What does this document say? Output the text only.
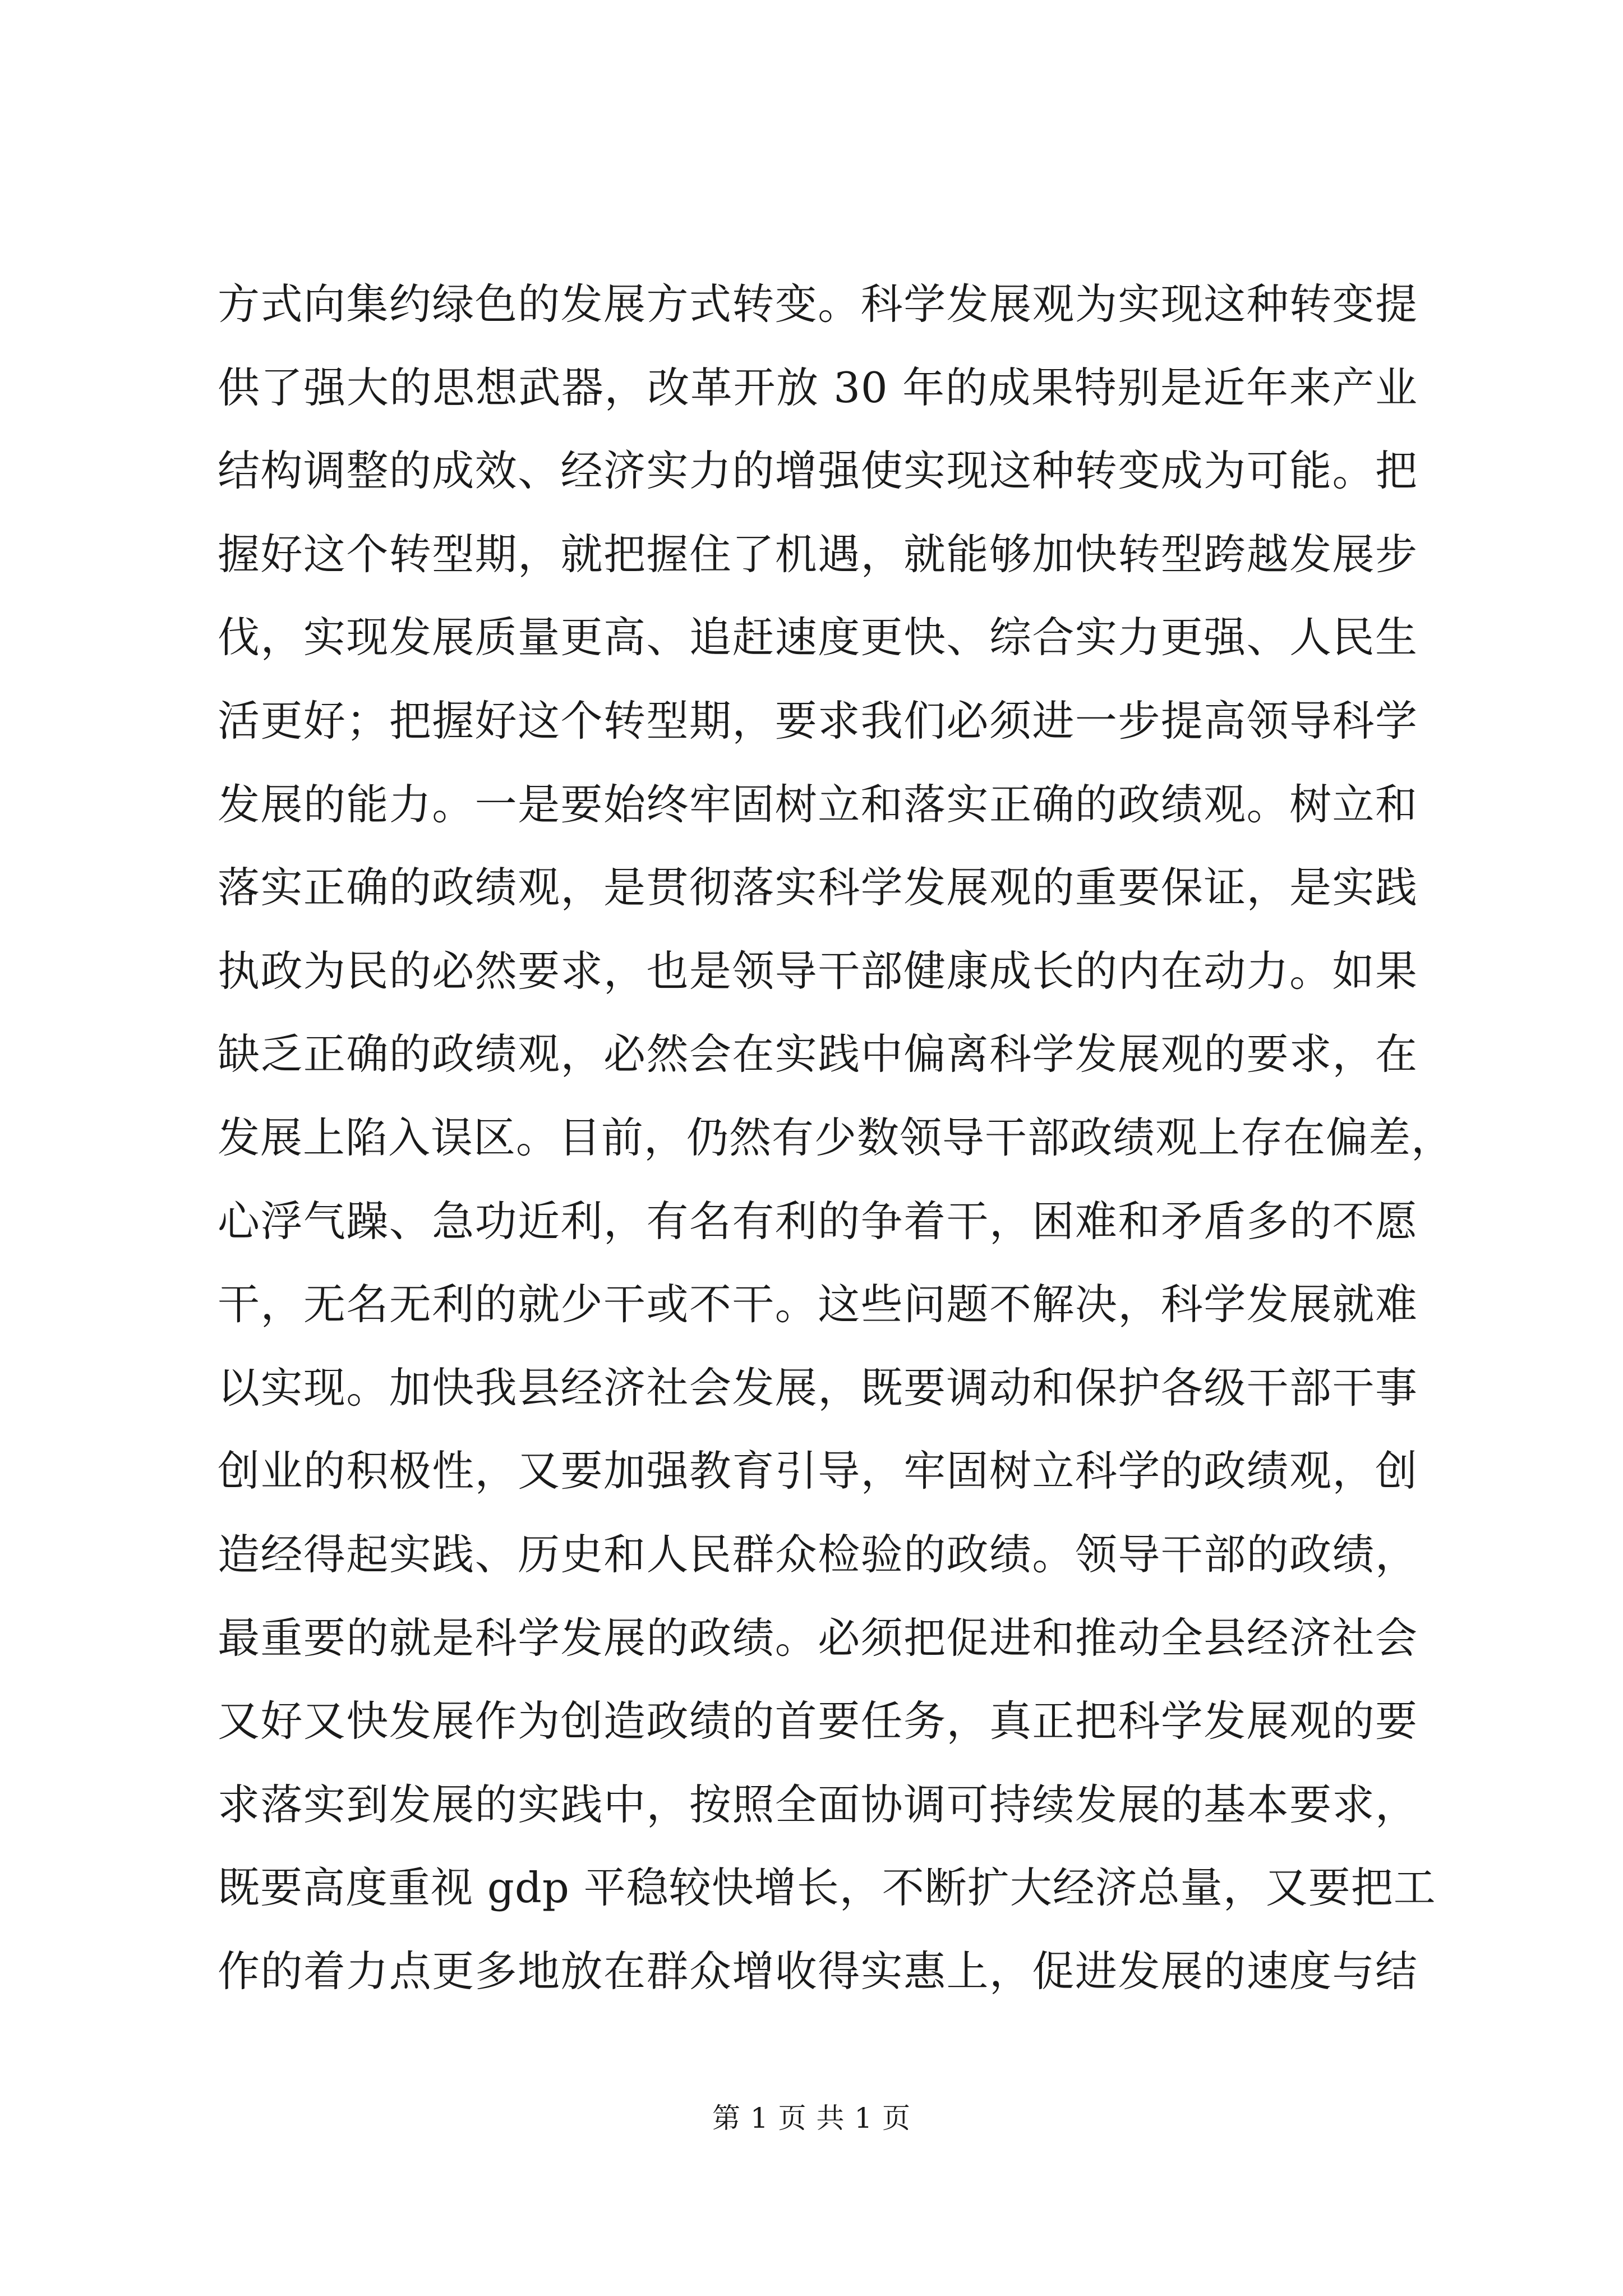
方式向集约绿色的发展方式转变。科学发展观为实现这种转变提
供了强大的思想武器，改革开放 30 年的成果特别是近年来产业
结构调整的成效、经济实力的增强使实现这种转变成为可能。把
握好这个转型期，就把握住了机遇，就能够加快转型跨越发展步
伐，实现发展质量更高、追赶速度更快、综合实力更强、人民生
活更好；把握好这个转型期，要求我们必须进一步提高领导科学
发展的能力。一是要始终牢固树立和落实正确的政绩观。树立和
落实正确的政绩观，是贯彻落实科学发展观的重要保证，是实践
执政为民的必然要求，也是领导干部健康成长的内在动力。如果
缺乏正确的政绩观，必然会在实践中偏离科学发展观的要求，在
发展上陷入误区。目前，仍然有少数领导干部政绩观上存在偏差，
心浮气躁、急功近利，有名有利的争着干，困难和矛盾多的不愿
干，无名无利的就少干或不干。这些问题不解决，科学发展就难
以实现。加快我县经济社会发展，既要调动和保护各级干部干事
创业的积极性，又要加强教育引导，牢固树立科学的政绩观，创
造经得起实践、历史和人民群众检验的政绩。领导干部的政绩，
最重要的就是科学发展的政绩。必须把促进和推动全县经济社会
又好又快发展作为创造政绩的首要任务，真正把科学发展观的要
求落实到发展的实践中，按照全面协调可持续发展的基本要求，
既要高度重视 gdp 平稳较快增长，不断扩大经济总量，又要把工
作的着力点更多地放在群众增收得实惠上，促进发展的速度与结
第 1 页 共 1 页
